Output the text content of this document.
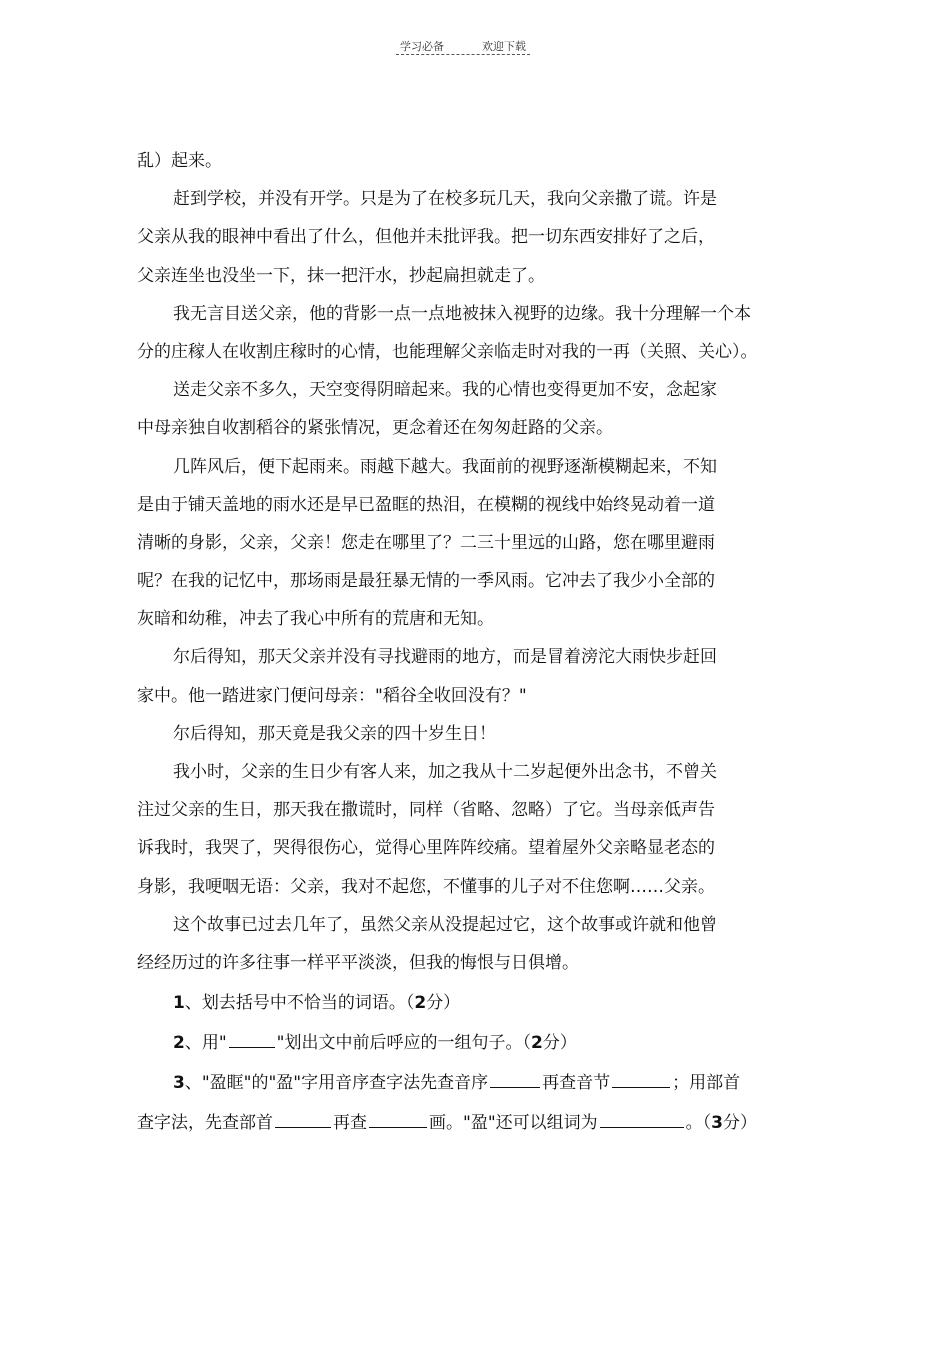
学习必备	欢迎下载
乱）起来。
赶到学校，并没有开学。只是为了在校多玩几天，我向父亲撒了谎。许是
父亲从我的眼神中看出了什么，但他并未批评我。把一切东西安排好了之后，
父亲连坐也没坐一下，抹一把汗水，抄起扁担就走了。
我无言目送父亲，他的背影一点一点地被抹入视野的边缘。我十分理解一个本
分的庄稼人在收割庄稼时的心情，也能理解父亲临走时对我的一再（关照、关心）。
送走父亲不多久，天空变得阴暗起来。我的心情也变得更加不安，念起家
中母亲独自收割稻谷的紧张情况，更念着还在匆匆赶路的父亲。
几阵风后，便下起雨来。雨越下越大。我面前的视野逐渐模糊起来，不知
是由于铺天盖地的雨水还是早已盈眶的热泪，在模糊的视线中始终晃动着一道
清晰的身影，父亲，父亲！您走在哪里了？二三十里远的山路，您在哪里避雨
呢？在我的记忆中，那场雨是最狂暴无情的一季风雨。它冲去了我少小全部的
灰暗和幼稚，冲去了我心中所有的荒唐和无知。
尔后得知，那天父亲并没有寻找避雨的地方，而是冒着滂沱大雨快步赶回
家中。他一踏进家门便问母亲："稻谷全收回没有？"
尔后得知，那天竟是我父亲的四十岁生日！
我小时，父亲的生日少有客人来，加之我从十二岁起便外出念书，不曾关
注过父亲的生日，那天我在撒谎时，同样（省略、忽略）了它。当母亲低声告
诉我时，我哭了，哭得很伤心，觉得心里阵阵绞痛。望着屋外父亲略显老态的
身影，我哽咽无语：父亲，我对不起您，不懂事的儿子对不住您啊……父亲。
这个故事已过去几年了，虽然父亲从没提起过它，这个故事或许就和他曾
经经历过的许多往事一样平平淡淡，但我的悔恨与日俱增。
1、划去括号中不恰当的词语。（2分）
2、用"	"划出文中前后呼应的一组句子。（2分）
3、"盈眶"的"盈"字用音序查字法先查音序	再查音节	；用部首
查字法，先查部首	再查	画。"盈"还可以组词为	。（3分）
